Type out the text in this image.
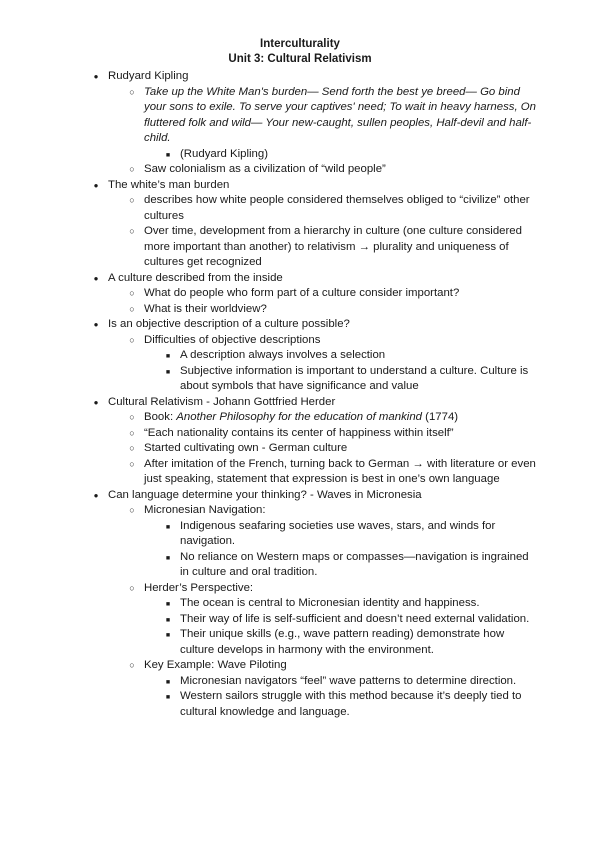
Interculturality
Unit 3: Cultural Relativism
●
Rudyard Kipling
○
Take up the White Man's burden— Send forth the best ye breed— Go bind your sons to exile. To serve your captives' need; To wait in heavy harness, On fluttered folk and wild— Your new-caught, sullen peoples, Half-devil and half-child.
■
(Rudyard Kipling)
○
Saw colonialism as a civilization of “wild people”
●
The white’s man burden
○
describes how white people considered themselves obliged to “civilize” other cultures
○
Over time, development from a hierarchy in culture (one culture considered more important than another) to relativism → plurality and uniqueness of cultures get recognized
●
A culture described from the inside
○
What do people who form part of a culture consider important?
○
What is their worldview?
●
Is an objective description of a culture possible?
○
Difficulties of objective descriptions
■
A description always involves a selection
■
Subjective information is important to understand a culture. Culture is about symbols that have significance and value
●
Cultural Relativism - Johann Gottfried Herder
○
Book: Another Philosophy for the education of mankind (1774)
○
“Each nationality contains its center of happiness within itself”
○
Started cultivating own - German culture
○
After imitation of the French, turning back to German → with literature or even just speaking, statement that expression is best in one’s own language
●
Can language determine your thinking? - Waves in Micronesia
○
Micronesian Navigation:
■
Indigenous seafaring societies use waves, stars, and winds for navigation.
■
No reliance on Western maps or compasses—navigation is ingrained in culture and oral tradition.
○
Herder’s Perspective:
■
The ocean is central to Micronesian identity and happiness.
■
Their way of life is self-sufficient and doesn’t need external validation.
■
Their unique skills (e.g., wave pattern reading) demonstrate how culture develops in harmony with the environment.
○
Key Example: Wave Piloting
■
Micronesian navigators “feel” wave patterns to determine direction.
■
Western sailors struggle with this method because it’s deeply tied to cultural knowledge and language.
